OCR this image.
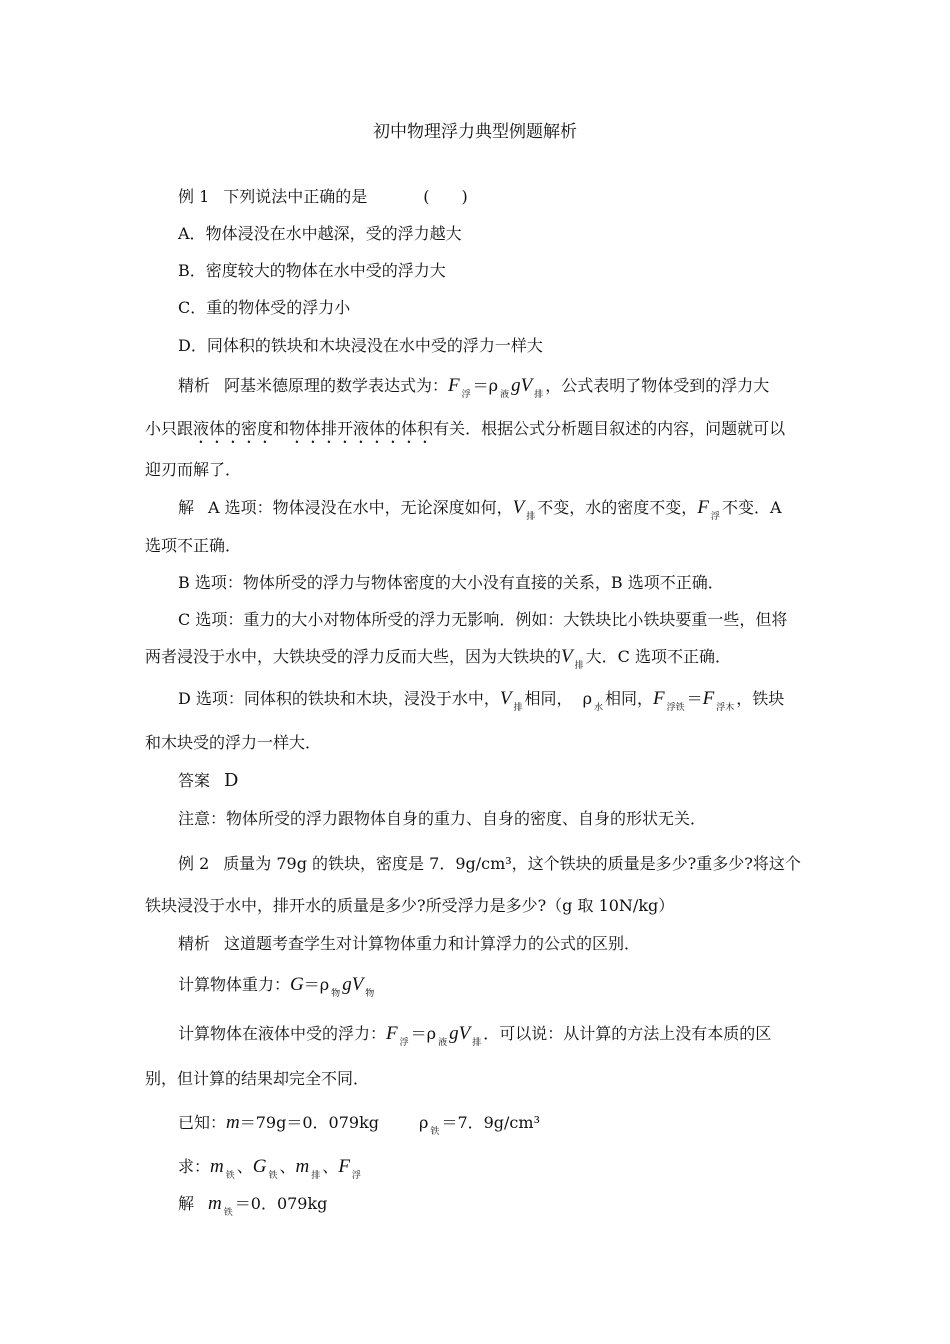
初中物理浮力典型例题解析
例 1 下列说法中正确的是	(　　)
A．物体浸没在水中越深，受的浮力越大
B．密度较大的物体在水中受的浮力大
C．重的物体受的浮力小
D．同体积的铁块和木块浸没在水中受的浮力一样大
精析 阿基米德原理的数学表达式为：F $_浮$ ＝ρ $_液$ gV $_排$ ，公式表明了物体受到的浮力大
小只跟液体的密度和物体排开液体的体积有关．根据公式分析题目叙述的内容，问题就可以
迎刃而解了．
解 A 选项：物体浸没在水中，无论深度如何，V $_排$ 不变，水的密度不变，F $_浮$ 不变．A
选项不正确．
B 选项：物体所受的浮力与物体密度的大小没有直接的关系，B 选项不正确．
C 选项：重力的大小对物体所受的浮力无影响．例如：大铁块比小铁块要重一些，但将
两者浸没于水中，大铁块受的浮力反而大些，因为大铁块的V $_排$ 大．C 选项不正确．
D 选项：同体积的铁块和木块，浸没于水中，V $_排$ 相同， ρ $_水$ 相同，F $_{浮铁}$ ＝F $_{浮木}$ ，铁块
和木块受的浮力一样大．
答案 D
注意：物体所受的浮力跟物体自身的重力、自身的密度、自身的形状无关．
例 2 质量为 79g 的铁块，密度是 7．9g/cm³，这个铁块的质量是多少?重多少?将这个
铁块浸没于水中，排开水的质量是多少?所受浮力是多少?（g 取 10N/kg）
精析 这道题考查学生对计算物体重力和计算浮力的公式的区别．
计算物体重力：G＝ρ $_物$ gV $_物$
计算物体在液体中受的浮力：F $_浮$ ＝ρ $_液$ gV $_排$ ．可以说：从计算的方法上没有本质的区
别，但计算的结果却完全不同．
已知：m＝79g＝0．079kg	ρ $_铁$ ＝7．9g/cm³
求：m $_铁$ 、G $_铁$ 、m $_排$ 、F $_浮$
解 m $_铁$ ＝0．079kg
